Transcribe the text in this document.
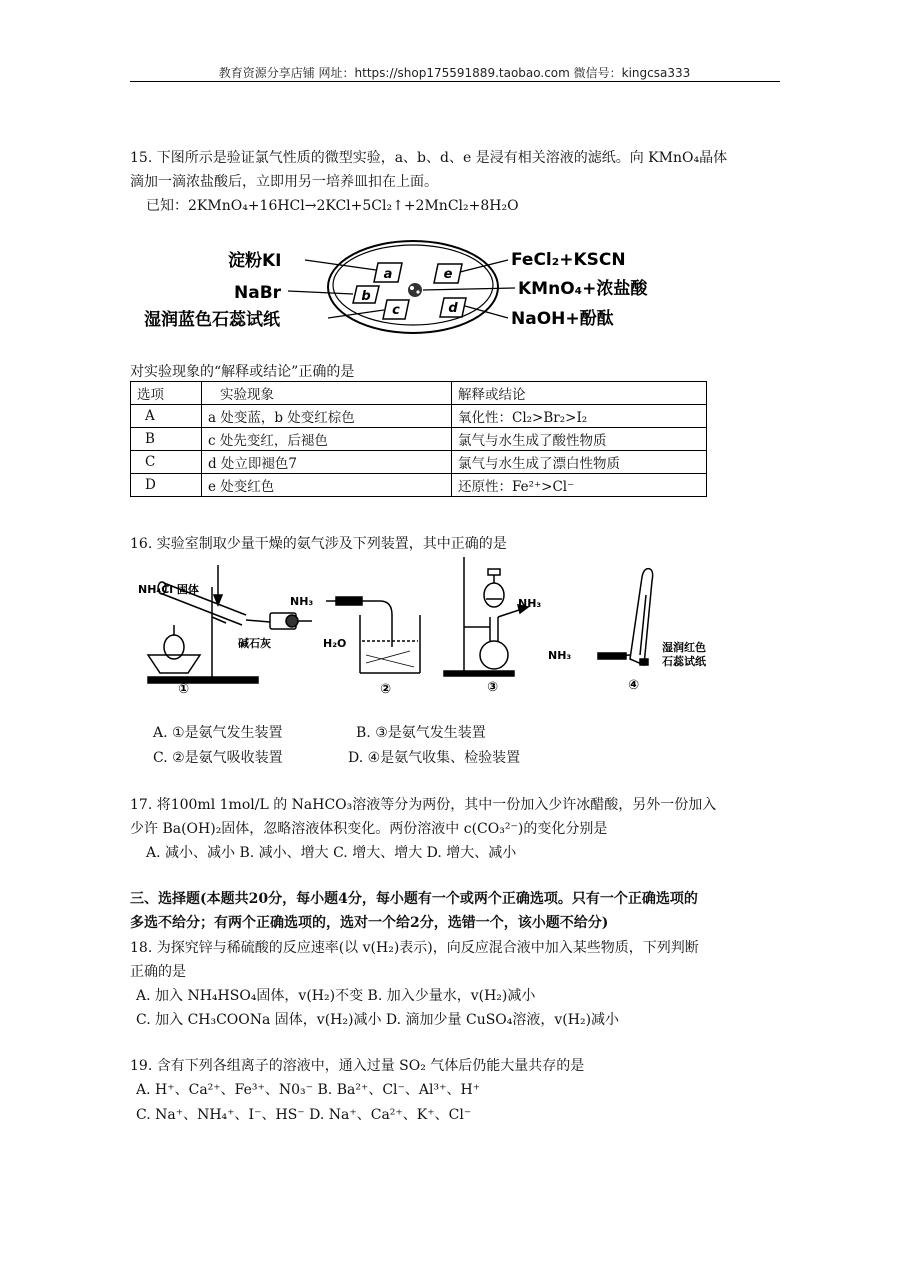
教育资源分享店铺 网址：https://shop175591889.taobao.com 微信号：kingcsa333
15. 下图所示是验证氯气性质的微型实验，a、b、d、e 是浸有相关溶液的滤纸。向 KMnO₄晶体
滴加一滴浓盐酸后，立即用另一培养皿扣在上面。
已知：2KMnO₄+16HCl→2KCl+5Cl₂↑+2MnCl₂+8H₂O
a
b
c	d
e
淀粉KI
NaBr
湿润蓝色石蕊试纸
FeCl₂+KSCN
KMnO₄+浓盐酸
NaOH+酚酞
对实验现象的“解释或结论”正确的是
选项	实验现象	解释或结论
A	a 处变蓝，b 处变红棕色	氧化性：Cl₂>Br₂>I₂
B	c 处先变红，后褪色	氯气与水生成了酸性物质
C	d 处立即褪色7	氯气与水生成了漂白性物质
D	e 处变红色	还原性：Fe²⁺>Cl⁻
16. 实验室制取少量干燥的氨气涉及下列装置，其中正确的是
NH₄Cl 固体
碱石灰
①
NH₃
H₂O
②
NH₃
③
NH₃
湿润红色
石蕊试纸
④
A. ①是氨气发生装置	B. ③是氨气发生装置
C. ②是氨气吸收装置	D. ④是氨气收集、检验装置
17. 将100ml 1mol/L 的 NaHCO₃溶液等分为两份，其中一份加入少许冰醋酸，另外一份加入
少许 Ba(OH)₂固体，忽略溶液体积变化。两份溶液中 c(CO₃²⁻)的变化分别是
A. 减小、减小 B. 减小、增大 C. 增大、增大 D. 增大、减小
三、选择题(本题共20分，每小题4分，每小题有一个或两个正确选项。只有一个正确选项的
多选不给分；有两个正确选项的，选对一个给2分，选错一个，该小题不给分)
18. 为探究锌与稀硫酸的反应速率(以 v(H₂)表示)，向反应混合液中加入某些物质，下列判断
正确的是
A. 加入 NH₄HSO₄固体，v(H₂)不变 B. 加入少量水，v(H₂)减小
C. 加入 CH₃COONa 固体，v(H₂)减小 D. 滴加少量 CuSO₄溶液，v(H₂)减小
19. 含有下列各组离子的溶液中，通入过量 SO₂ 气体后仍能大量共存的是
A. H⁺、Ca²⁺、Fe³⁺、N0₃⁻ B. Ba²⁺、Cl⁻、Al³⁺、H⁺
C. Na⁺、NH₄⁺、I⁻、HS⁻ D. Na⁺、Ca²⁺、K⁺、Cl⁻
